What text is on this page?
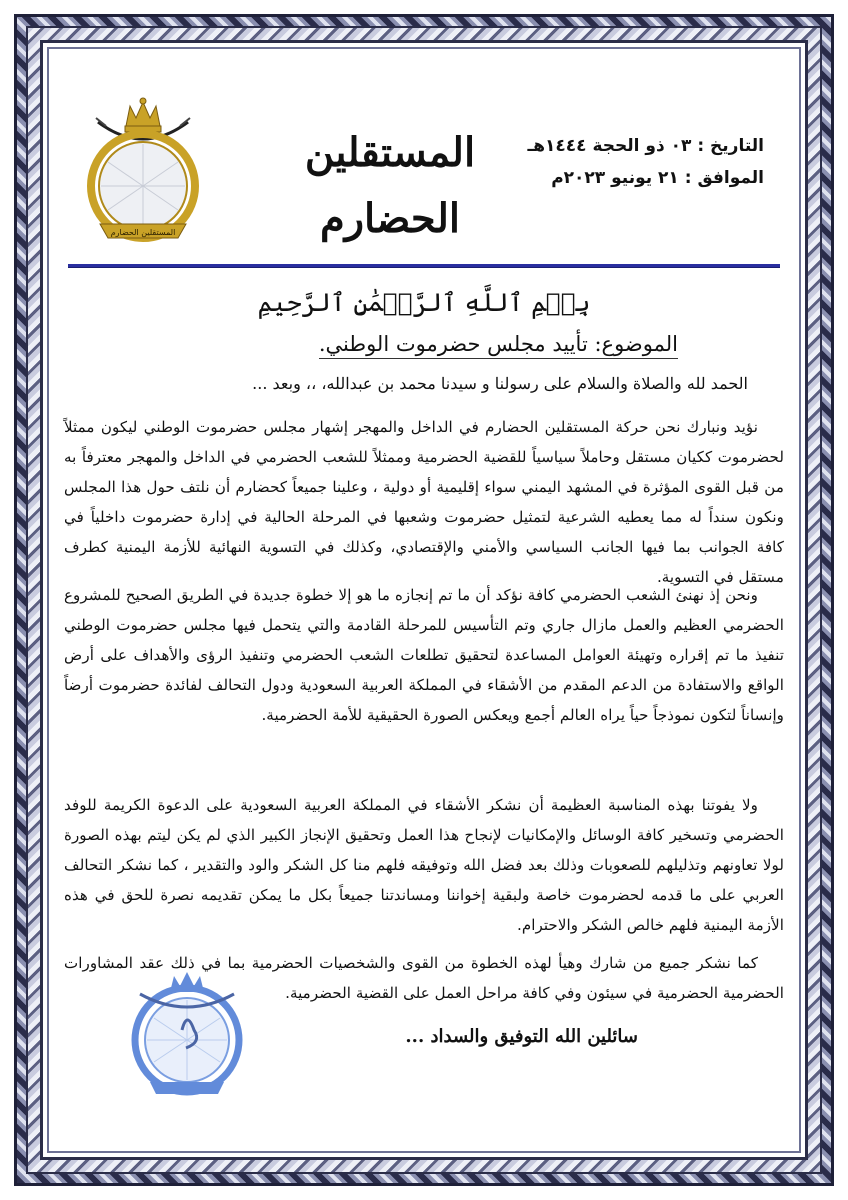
التاريخ : ٠٣ ذو الحجة ١٤٤٤هـ
الموافق : ٢١ يونيو ٢٠٢٣م
المستقلين
الحضارم
المستقلين الحضارم
بِسۡمِ ٱللَّهِ ٱلرَّحۡمَٰنِ ٱلرَّحِيمِ
الموضوع: تأييد مجلس حضرموت الوطني.
الحمد لله والصلاة والسلام على رسولنا و سيدنا محمد بن عبدالله، ،، وبعد ...
نؤيد ونبارك نحن حركة المستقلين الحضارم في الداخل والمهجر إشهار مجلس حضرموت الوطني ليكون ممثلاً لحضرموت ككيان مستقل وحاملاً سياسياً للقضية الحضرمية وممثلاً للشعب الحضرمي في الداخل والمهجر معترفاً به من قبل القوى المؤثرة في المشهد اليمني سواء إقليمية أو دولية ، وعلينا جميعاً كحضارم أن نلتف حول هذا المجلس ونكون سنداً له مما يعطيه الشرعية لتمثيل حضرموت وشعبها في المرحلة الحالية في إدارة حضرموت داخلياً في كافة الجوانب بما فيها الجانب السياسي والأمني والإقتصادي، وكذلك في التسوية النهائية للأزمة اليمنية كطرف مستقل في التسوية.
ونحن إذ نهنئ الشعب الحضرمي كافة نؤكد أن ما تم إنجازه ما هو إلا خطوة جديدة في الطريق الصحيح للمشروع الحضرمي العظيم والعمل مازال جاري وتم التأسيس للمرحلة القادمة والتي يتحمل فيها مجلس حضرموت الوطني تنفيذ ما تم إقراره وتهيئة العوامل المساعدة لتحقيق تطلعات الشعب الحضرمي وتنفيذ الرؤى والأهداف على أرض الواقع والاستفادة من الدعم المقدم من الأشقاء في المملكة العربية السعودية ودول التحالف لفائدة حضرموت أرضاً وإنساناً لتكون نموذجاً حياً يراه العالم أجمع ويعكس الصورة الحقيقية للأمة الحضرمية.
ولا يفوتنا بهذه المناسبة العظيمة أن نشكر الأشقاء في المملكة العربية السعودية على الدعوة الكريمة للوفد الحضرمي وتسخير كافة الوسائل والإمكانيات لإنجاح هذا العمل وتحقيق الإنجاز الكبير الذي لم يكن ليتم بهذه الصورة لولا تعاونهم وتذليلهم للصعوبات وذلك بعد فضل الله وتوفيقه فلهم منا كل الشكر والود والتقدير ، كما نشكر التحالف العربي على ما قدمه لحضرموت خاصة ولبقية إخواننا ومساندتنا جميعاً بكل ما يمكن تقديمه نصرة للحق في هذه الأزمة اليمنية فلهم خالص الشكر والاحترام.
كما نشكر جميع من شارك وهيأ لهذه الخطوة من القوى والشخصيات الحضرمية بما في ذلك عقد المشاورات الحضرمية الحضرمية في سيئون وفي كافة مراحل العمل على القضية الحضرمية.
سائلين الله التوفيق والسداد ...
